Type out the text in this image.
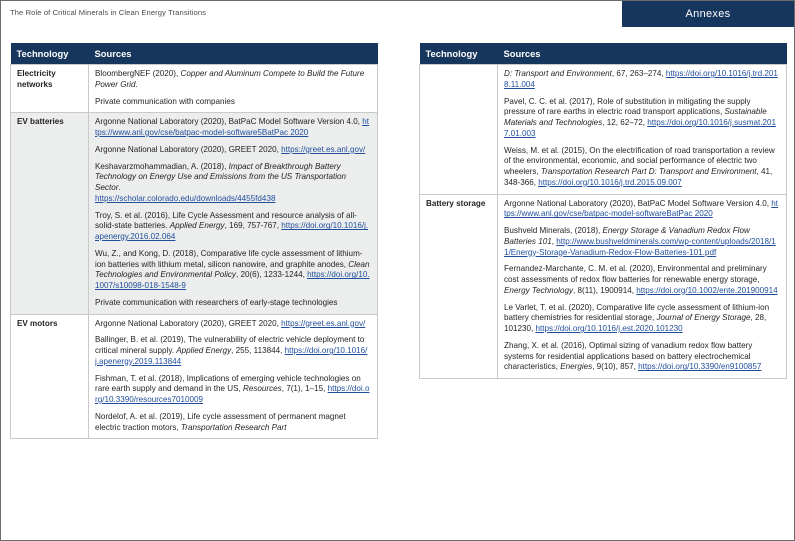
The Role of Critical Minerals in Clean Energy Transitions	Annexes
Technology	Sources
Electricity networks	BloombergNEF (2020), Copper and Aluminum Compete to Build the Future Power Grid.
Private communication with companies

EV batteries	Argonne National Laboratory (2020), BatPaC Model Software Version 4.0, https://www.anl.gov/cse/batpac-model-software5BatPac 2020
Argonne National Laboratory (2020), GREET 2020, https://greet.es.anl.gov/
Keshavarzmohammadian, A. (2018), Impact of Breakthrough Battery Technology on Energy Use and Emissions from the US Transportation Sector.
https://scholar.colorado.edu/downloads/4455fd438
Troy, S. et al. (2016), Life Cycle Assessment and resource analysis of all-solid-state batteries. Applied Energy, 169, 757-767, https://doi.org/10.1016/j.apenergy.2016.02.064
Wu, Z., and Kong, D. (2018), Comparative life cycle assessment of lithium-ion batteries with lithium metal, silicon nanowire, and graphite anodes, Clean Technologies and Environmental Policy, 20(6), 1233-1244, https://doi.org/10.1007/s10098-018-1548-9
Private communication with researchers of early-stage technologies

EV motors	Argonne National Laboratory (2020), GREET 2020, https://greet.es.anl.gov/
Ballinger, B. et al. (2019), The vulnerability of electric vehicle deployment to critical mineral supply. Applied Energy, 255, 113844, https://doi.org/10.1016/j.apenergy.2019.113844
Fishman, T. et al. (2018), Implications of emerging vehicle technologies on rare earth supply and demand in the US, Resources, 7(1), 1–15, https://doi.org/10.3390/resources7010009
Nordelof, A. et al. (2019), Life cycle assessment of permanent magnet electric traction motors, Transportation Research Part
Technology	Sources

	D: Transport and Environment, 67, 263–274, https://doi.org/10.1016/j.trd.2018.11.004
Pavel, C. C. et al. (2017), Role of substitution in mitigating the supply pressure of rare earths in electric road transport applications, Sustainable Materials and Technologies, 12, 62–72, https://doi.org/10.1016/j.susmat.2017.01.003
Weiss, M. et al. (2015), On the electrification of road transportation a review of the environmental, economic, and social performance of electric two wheelers, Transportation Research Part D: Transport and Environment, 41, 348-366, https://doi.org/10.1016/j.trd.2015.09.007

Battery storage	Argonne National Laboratory (2020), BatPaC Model Software Version 4.0, https://www.anl.gov/cse/batpac-model-softwareBatPac 2020
Bushveld Minerals, (2018), Energy Storage & Vanadium Redox Flow Batteries 101, http://www.bushveldminerals.com/wp-content/uploads/2018/11/Energy-Storage-Vanadium-Redox-Flow-Batteries-101.pdf
Fernandez-Marchante, C. M. et al. (2020), Environmental and preliminary cost assessments of redox flow batteries for renewable energy storage, Energy Technology, 8(11), 1900914, https://doi.org/10.1002/ente.201900914
Le Varlet, T. et al. (2020), Comparative life cycle assessment of lithium-ion battery chemistries for residential storage, Journal of Energy Storage, 28, 101230, https://doi.org/10.1016/j.est.2020.101230
Zhang, X. et al. (2016), Optimal sizing of vanadium redox flow battery systems for residential applications based on battery electrochemical characteristics, Energies, 9(10), 857, https://doi.org/10.3390/en9100857
